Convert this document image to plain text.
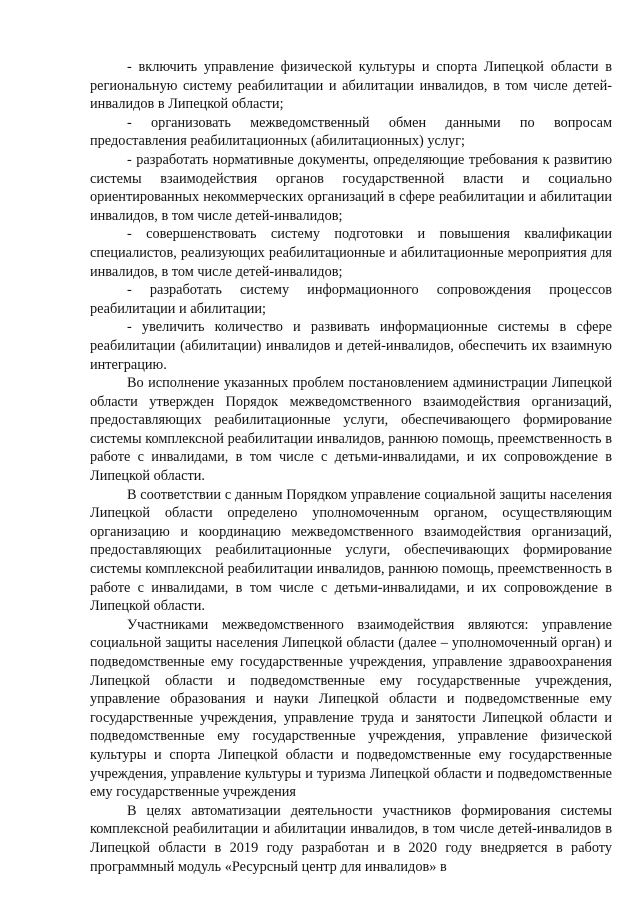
- включить управление физической культуры и спорта Липецкой области в региональную систему реабилитации и абилитации инвалидов, в том числе детей-инвалидов в Липецкой области;

- организовать межведомственный обмен данными по вопросам предоставления реабилитационных (абилитационных) услуг;

- разработать нормативные документы, определяющие требования к развитию системы взаимодействия органов государственной власти и социально ориентированных некоммерческих организаций в сфере реабилитации и абилитации инвалидов, в том числе детей-инвалидов;

- совершенствовать систему подготовки и повышения квалификации специалистов, реализующих реабилитационные и абилитационные мероприятия для инвалидов, в том числе детей-инвалидов;

- разработать систему информационного сопровождения процессов реабилитации и абилитации;

- увеличить количество и развивать информационные системы в сфере реабилитации (абилитации) инвалидов и детей-инвалидов, обеспечить их взаимную интеграцию.

Во исполнение указанных проблем постановлением администрации Липецкой области утвержден Порядок межведомственного взаимодействия организаций, предоставляющих реабилитационные услуги, обеспечивающего формирование системы комплексной реабилитации инвалидов, раннюю помощь, преемственность в работе с инвалидами, в том числе с детьми-инвалидами, и их сопровождение в Липецкой области.

В соответствии с данным Порядком управление социальной защиты населения Липецкой области определено уполномоченным органом, осуществляющим организацию и координацию межведомственного взаимодействия организаций, предоставляющих реабилитационные услуги, обеспечивающих формирование системы комплексной реабилитации инвалидов, раннюю помощь, преемственность в работе с инвалидами, в том числе с детьми-инвалидами, и их сопровождение в Липецкой области.

Участниками межведомственного взаимодействия являются: управление социальной защиты населения Липецкой области (далее – уполномоченный орган) и подведомственные ему государственные учреждения, управление здравоохранения Липецкой области и подведомственные ему государственные учреждения, управление образования и науки Липецкой области и подведомственные ему государственные учреждения, управление труда и занятости Липецкой области и подведомственные ему государственные учреждения, управление физической культуры и спорта Липецкой области и подведомственные ему государственные учреждения, управление культуры и туризма Липецкой области и подведомственные ему государственные учреждения

В целях автоматизации деятельности участников формирования системы комплексной реабилитации и абилитации инвалидов, в том числе детей-инвалидов в Липецкой области в 2019 году разработан и в 2020 году внедряется в работу программный модуль «Ресурсный центр для инвалидов» в
